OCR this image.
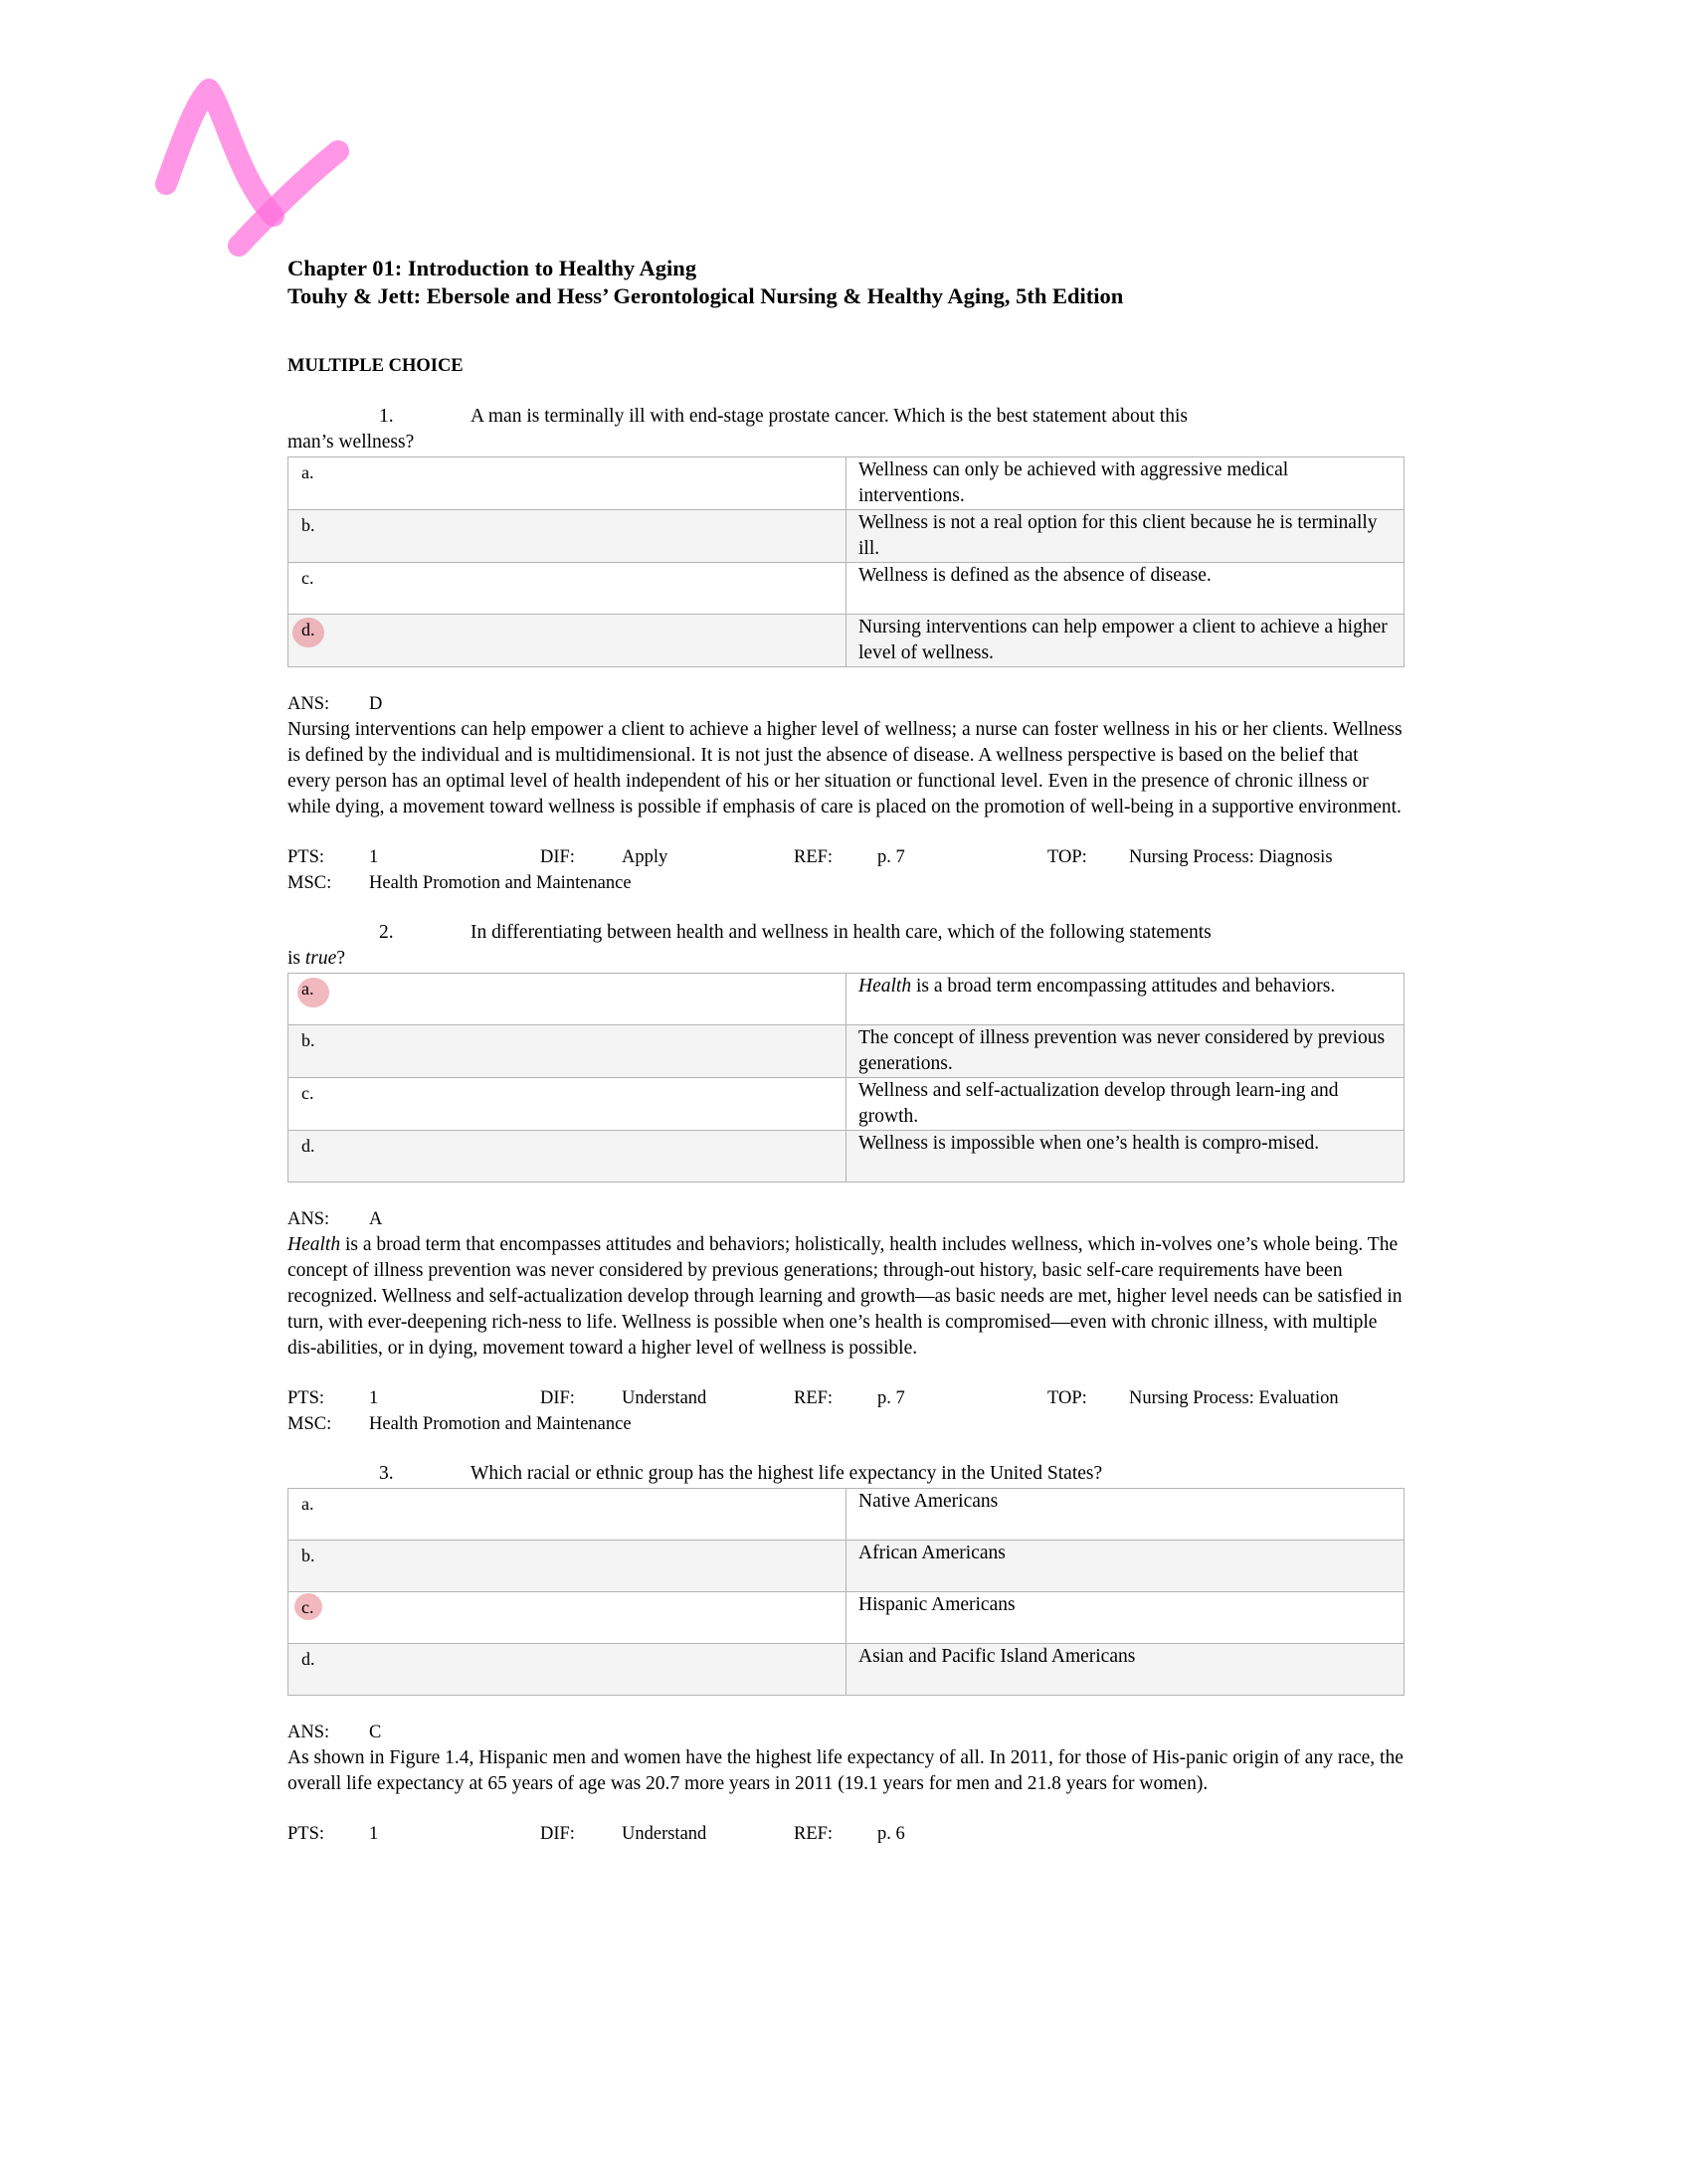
Chapter 01: Introduction to Healthy Aging
Touhy & Jett: Ebersole and Hess’ Gerontological Nursing & Healthy Aging, 5th Edition
MULTIPLE CHOICE
1.	A man is terminally ill with end-stage prostate cancer. Which is the best statement about this
man’s wellness?
a.	Wellness can only be achieved with aggressive medical interventions.
b.	Wellness is not a real option for this client because he is terminally ill.
c.	Wellness is defined as the absence of disease.

d.	Nursing interventions can help empower a client to achieve a higher level of wellness.
ANS: D
Nursing interventions can help empower a client to achieve a higher level of wellness; a nurse can foster wellness in his or her clients. Wellness is defined by the individual and is multidimensional. It is not just the absence of disease. A wellness perspective is based on the belief that every person has an optimal level of health independent of his or her situation or functional level. Even in the presence of chronic illness or while dying, a movement toward wellness is possible if emphasis of care is placed on the promotion of well-being in a supportive environment.
PTS: 1	DIF:	Apply	REF: p. 7	TOP: Nursing Process: Diagnosis
MSC: Health Promotion and Maintenance
2.	In differentiating between health and wellness in health care, which of the following statements
is true?
a.	Health is a broad term encompassing attitudes and behaviors.
b.	The concept of illness prevention was never considered by previous generations.
c.	Wellness and self-actualization develop through learn-ing and growth.
d.	Wellness is impossible when one’s health is compro-mised.
ANS: A
Health is a broad term that encompasses attitudes and behaviors; holistically, health includes wellness, which in-volves one’s whole being. The concept of illness prevention was never considered by previous generations; through-out history, basic self-care requirements have been recognized. Wellness and self-actualization develop through learning and growth—as basic needs are met, higher level needs can be satisfied in turn, with ever-deepening rich-ness to life. Wellness is possible when one’s health is compromised—even with chronic illness, with multiple dis-abilities, or in dying, movement toward a higher level of wellness is possible.
PTS: 1	DIF:	Understand	REF: p. 7	TOP: Nursing Process: Evaluation
MSC: Health Promotion and Maintenance
3.	Which racial or ethnic group has the highest life expectancy in the United States?
a.	Native Americans
b.	African Americans

c.	Hispanic Americans
d.	Asian and Pacific Island Americans
ANS: C
As shown in Figure 1.4, Hispanic men and women have the highest life expectancy of all. In 2011, for those of His-panic origin of any race, the overall life expectancy at 65 years of age was 20.7 more years in 2011 (19.1 years for men and 21.8 years for women).
PTS: 1	DIF:	Understand	REF: p. 6
